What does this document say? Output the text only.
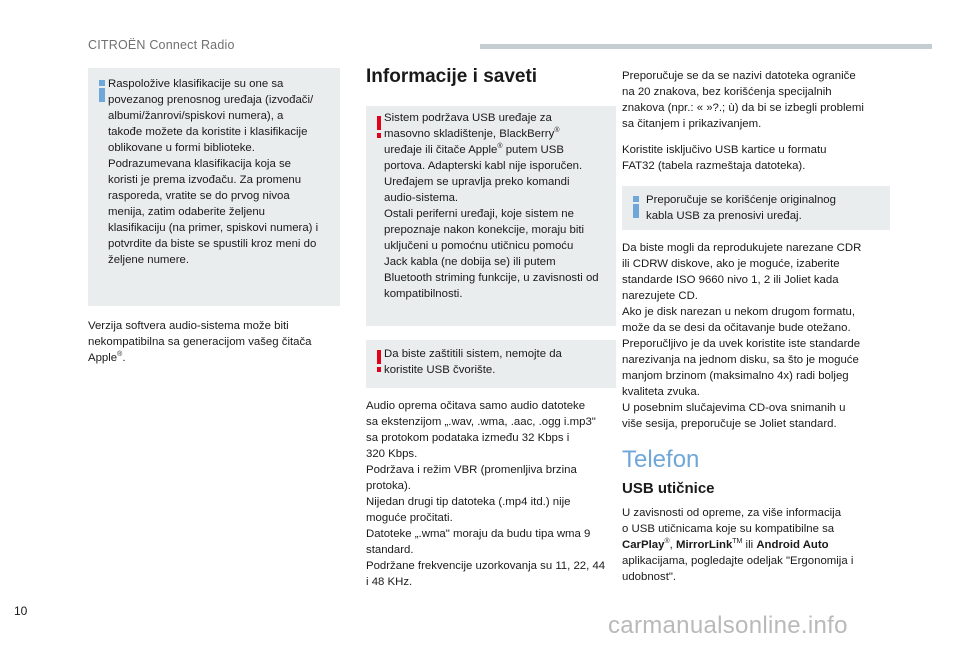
CITROËN Connect Radio

Raspoložive klasifikacije su one sa

povezanog prenosnog uređaja (izvođači/

albumi/žanrovi/spiskovi numera), a

takođe možete da koristite i klasifikacije

oblikovane u formi biblioteke.

Podrazumevana klasifikacija koja se

koristi je prema izvođaču. Za promenu

rasporeda, vratite se do prvog nivoa

menija, zatim odaberite željenu

klasifikaciju (na primer, spiskovi numera) i

potvrdite da biste se spustili kroz meni do

željene numere.

Verzija softvera audio-sistema može biti

nekompatibilna sa generacijom vašeg čitača

Apple®.

Informacije i saveti

Sistem podržava USB uređaje za

masovno skladištenje, BlackBerry®

uređaje ili čitače Apple® putem USB

portova. Adapterski kabl nije isporučen.

Uređajem se upravlja preko komandi

audio-sistema.

Ostali periferni uređaji, koje sistem ne

prepoznaje nakon konekcije, moraju biti

uključeni u pomoćnu utičnicu pomoću

Jack kabla (ne dobija se) ili putem

Bluetooth striming funkcije, u zavisnosti od

kompatibilnosti.

Da biste zaštitili sistem, nemojte da

koristite USB čvorište.

Audio oprema očitava samo audio datoteke

sa ekstenzijom „.wav, .wma, .aac, .ogg i.mp3"

sa protokom podataka između 32 Kbps i

320 Kbps.

Podržava i režim VBR (promenljiva brzina

protoka).

Nijedan drugi tip datoteka (.mp4 itd.) nije

moguće pročitati.

Datoteke „.wma" moraju da budu tipa wma 9

standard.

Podržane frekvencije uzorkovanja su 11, 22, 44

i 48 KHz.

Preporučuje se da se nazivi datoteka ograniče

na 20 znakova, bez korišćenja specijalnih

znakova (npr.: « »?.; ù) da bi se izbegli problemi

sa čitanjem i prikazivanjem.

Koristite isključivo USB kartice u formatu

FAT32 (tabela razmeštaja datoteka).

Preporučuje se korišćenje originalnog

kabla USB za prenosivi uređaj.

Da biste mogli da reprodukujete narezane CDR

ili CDRW diskove, ako je moguće, izaberite

standarde ISO 9660 nivo 1, 2 ili Joliet kada

narezujete CD.

Ako je disk narezan u nekom drugom formatu,

može da se desi da očitavanje bude otežano.

Preporučljivo je da uvek koristite iste standarde

narezivanja na jednom disku, sa što je moguće

manjom brzinom (maksimalno 4x) radi boljeg

kvaliteta zvuka.

U posebnim slučajevima CD-ova snimanih u

više sesija, preporučuje se Joliet standard.

Telefon
USB utičnice

U zavisnosti od opreme, za više informacija

o USB utičnicama koje su kompatibilne sa

CarPlay®, MirrorLink™ ili Android Auto

aplikacijama, pogledajte odeljak "Ergonomija i

udobnost".

10
carmanualsonline.info
